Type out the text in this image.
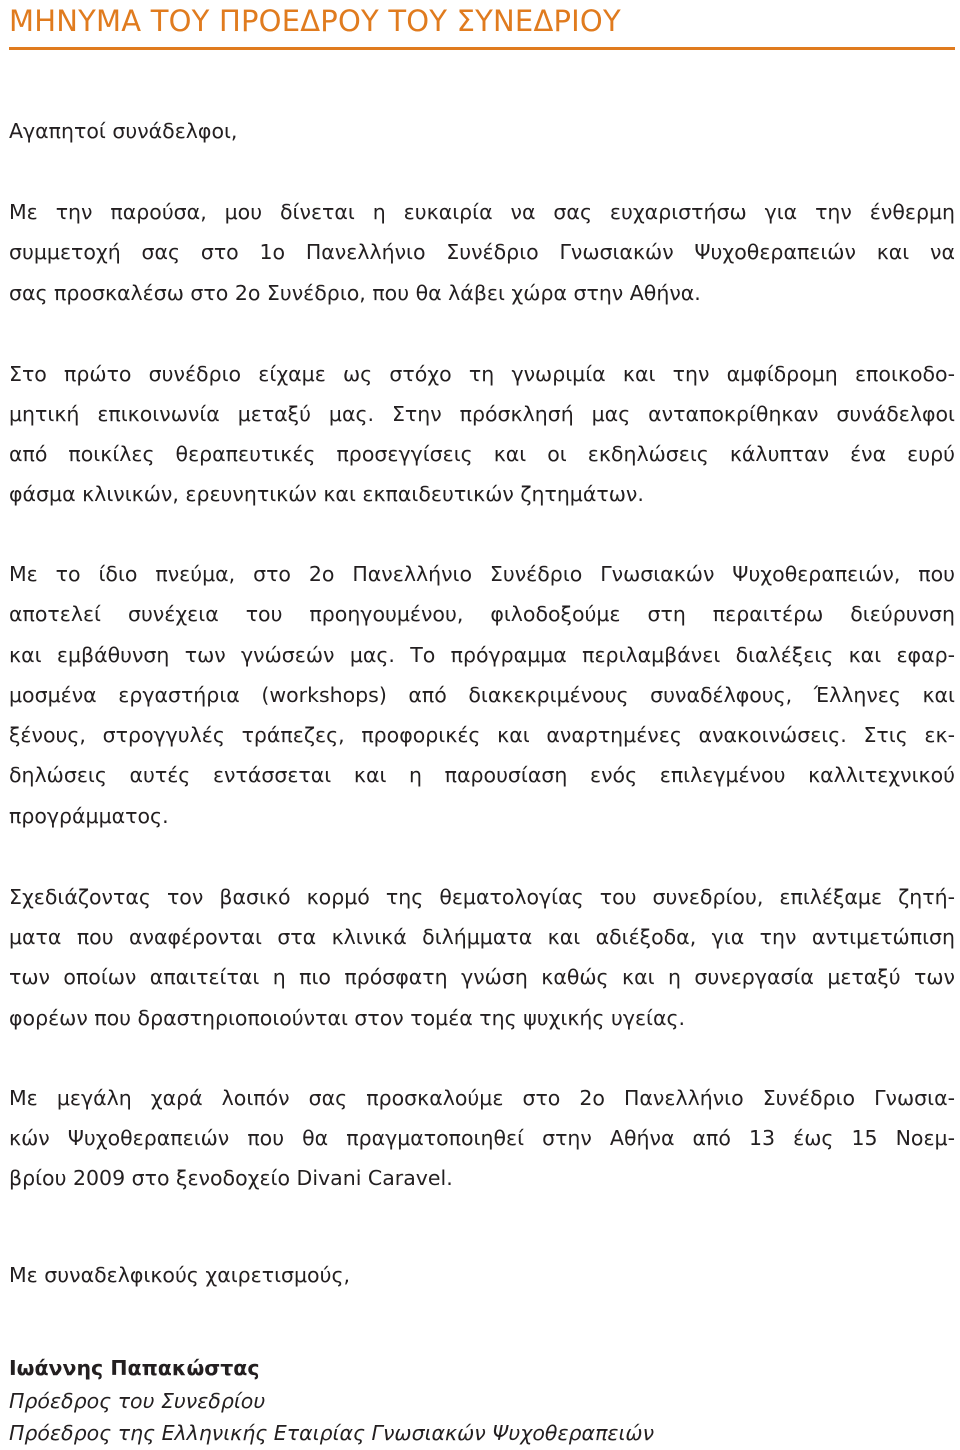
ΜΗΝΥΜΑ ΤΟΥ ΠΡΟΕΔΡΟΥ ΤΟΥ ΣΥΝΕΔΡΙΟΥ

Αγαπητοί συνάδελφοι,

Με την παρούσα, μου δίνεται η ευκαιρία να σας ευχαριστήσω για την ένθερμη

συμμετοχή σας στο 1ο Πανελλήνιο Συνέδριο Γνωσιακών Ψυχοθεραπειών και να

σας προσκαλέσω στο 2ο Συνέδριο, που θα λάβει χώρα στην Αθήνα.

Στο πρώτο συνέδριο είχαμε ως στόχο τη γνωριμία και την αμφίδρομη εποικοδο-

μητική επικοινωνία μεταξύ μας. Στην πρόσκλησή μας ανταποκρίθηκαν συνάδελφοι

από ποικίλες θεραπευτικές προσεγγίσεις και οι εκδηλώσεις κάλυπταν ένα ευρύ

φάσμα κλινικών, ερευνητικών και εκπαιδευτικών ζητημάτων.

Με το ίδιο πνεύμα, στο 2ο Πανελλήνιο Συνέδριο Γνωσιακών Ψυχοθεραπειών, που

αποτελεί συνέχεια του προηγουμένου, φιλοδοξούμε στη περαιτέρω διεύρυνση

και εμβάθυνση των γνώσεών μας. Το πρόγραμμα περιλαμβάνει διαλέξεις και εφαρ-

μοσμένα εργαστήρια (workshops) από διακεκριμένους συναδέλφους, Έλληνες και

ξένους, στρογγυλές τράπεζες, προφορικές και αναρτημένες ανακοινώσεις. Στις εκ-

δηλώσεις αυτές εντάσσεται και η παρουσίαση ενός επιλεγμένου καλλιτεχνικού

προγράμματος.

Σχεδιάζοντας τον βασικό κορμό της θεματολογίας του συνεδρίου, επιλέξαμε ζητή-

ματα που αναφέρονται στα κλινικά διλήμματα και αδιέξοδα, για την αντιμετώπιση

των οποίων απαιτείται η πιο πρόσφατη γνώση καθώς και η συνεργασία μεταξύ των

φορέων που δραστηριοποιούνται στον τομέα της ψυχικής υγείας.

Με μεγάλη χαρά λοιπόν σας προσκαλούμε στο 2ο Πανελλήνιο Συνέδριο Γνωσια-

κών Ψυχοθεραπειών που θα πραγματοποιηθεί στην Αθήνα από 13 έως 15 Νοεμ-

βρίου 2009 στο ξενοδοχείο Divani Caravel.

Με συναδελφικούς χαιρετισμούς,

Ιωάννης Παπακώστας

Πρόεδρος του Συνεδρίου

Πρόεδρος της Ελληνικής Εταιρίας Γνωσιακών Ψυχοθεραπειών
